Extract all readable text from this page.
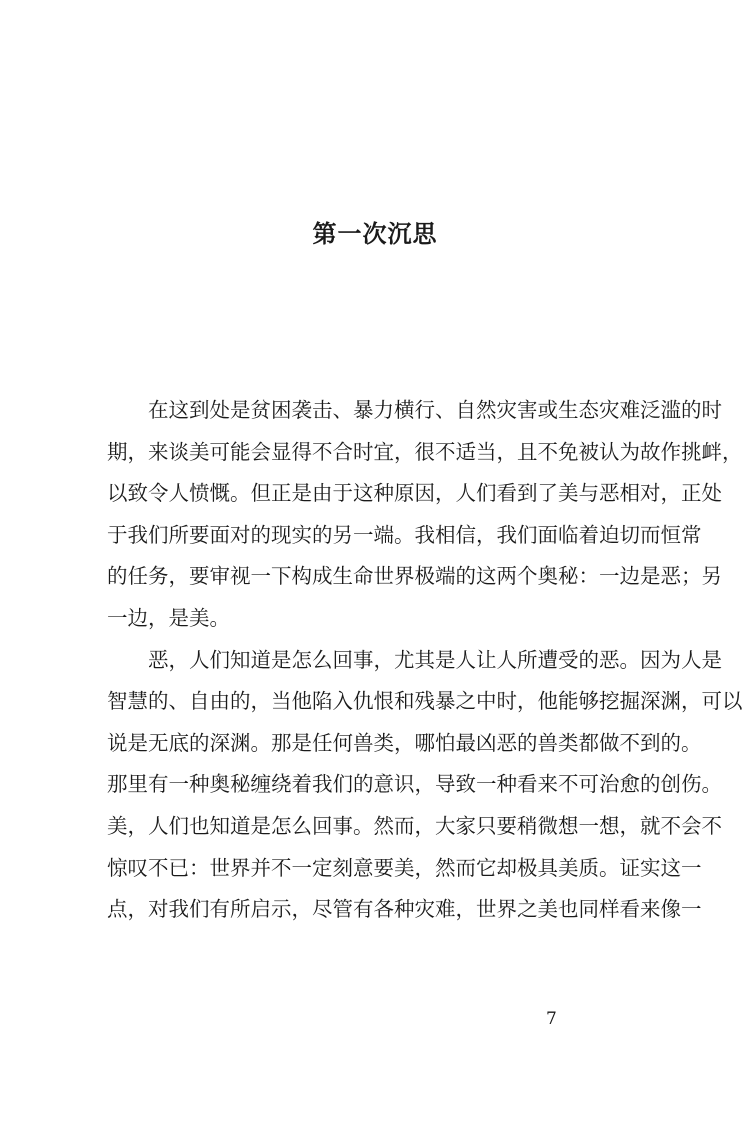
第一次沉思
在这到处是贫困袭击、暴力横行、自然灾害或生态灾难泛滥的时
期，来谈美可能会显得不合时宜，很不适当，且不免被认为故作挑衅，
以致令人愤慨。但正是由于这种原因，人们看到了美与恶相对，正处
于我们所要面对的现实的另一端。我相信，我们面临着迫切而恒常
的任务，要审视一下构成生命世界极端的这两个奥秘：一边是恶；另
一边，是美。
恶，人们知道是怎么回事，尤其是人让人所遭受的恶。因为人是
智慧的、自由的，当他陷入仇恨和残暴之中时，他能够挖掘深渊，可以
说是无底的深渊。那是任何兽类，哪怕最凶恶的兽类都做不到的。
那里有一种奥秘缠绕着我们的意识，导致一种看来不可治愈的创伤。
美，人们也知道是怎么回事。然而，大家只要稍微想一想，就不会不
惊叹不已：世界并不一定刻意要美，然而它却极具美质。证实这一
点，对我们有所启示，尽管有各种灾难，世界之美也同样看来像一
7
